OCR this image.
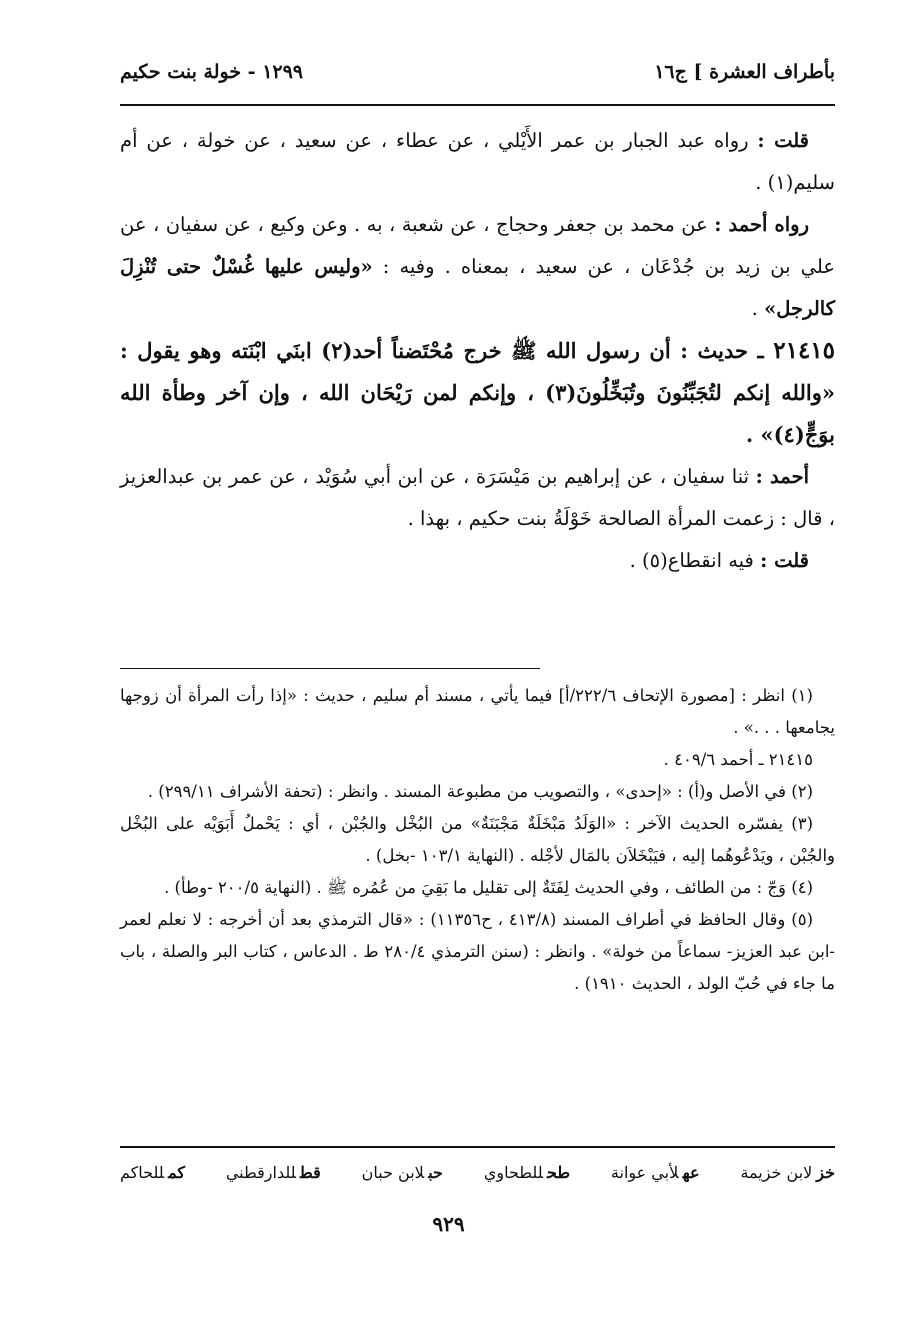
بأطراف العشرة ] ج١٦
١٢٩٩ - خولة بنت حكيم

قلت : رواه عبد الجبار بن عمر الأَيْلي ، عن عطاء ، عن سعيد ، عن خولة ، عن أم سليم(١) .

رواه أحمد : عن محمد بن جعفر وحجاج ، عن شعبة ، به . وعن وكيع ، عن سفيان ، عن علي بن زيد بن جُدْعَان ، عن سعيد ، بمعناه . وفيه : «وليس عليها غُسْلٌ حتى تُنْزِلَ كالرجل» .

٢١٤١٥ ـ حديث : أن رسول الله ﷺ خرج مُحْتَضناً أحد(٢) ابنَي ابْنَته وهو يقول : «والله إنكم لتُجَبِّنُونَ وتُبَخِّلُونَ(٣) ، وإنكم لمن رَيْحَان الله ، وإن آخر وطأة الله بوَجٍّ(٤)» .

أحمد : ثنا سفيان ، عن إبراهيم بن مَيْسَرَة ، عن ابن أبي سُوَيْد ، عن عمر بن عبدالعزيز ، قال : زعمت المرأة الصالحة خَوْلَةُ بنت حكيم ، بهذا .

قلت : فيه انقطاع(٥) .

(١) انظر : [مصورة الإتحاف ٢٢٢/٦/أ] فيما يأتي ، مسند أم سليم ، حديث : «إذا رأت المرأة أن زوجها يجامعها . . .» .

٢١٤١٥ ـ أحمد ٤٠٩/٦ .

(٢) في الأصل و(أ) : «إحدى» ، والتصويب من مطبوعة المسند . وانظر : (تحفة الأشراف ٢٩٩/١١) .

(٣) يفسّره الحديث الآخر : «الوَلَدُ مَبْخَلَةٌ مَجْبَنَةٌ» من البُخْل والجُبْن ، أي : يَحْملُ أَبَوَيْه على البُخْل والجُبْن ، ويَدْعُوهُما إليه ، فيَبْخَلاَن بالمَال لأجْله . (النهاية ١٠٣/١ -بخل) .

(٤) وَجّ : من الطائف ، وفي الحديث لِفَتَةٌ إلى تقليل ما بَقِيَ من عُمُره ﷺ . (النهاية ٢٠٠/٥ -وطأ) .

(٥) وقال الحافظ في أطراف المسند (٤١٣/٨ ، ح١١٣٥٦) : «قال الترمذي بعد أن أخرجه : لا نعلم لعمر -ابن عبد العزيز- سماعاً من خولة» . وانظر : (سنن الترمذي ٢٨٠/٤ ط . الدعاس ، كتاب البر والصلة ، باب ما جاء في حُبّ الولد ، الحديث ١٩١٠) .

خزلابن خزيمة
عهلأبي عوانة
طحللطحاوي
حبلابن حبان
قطللدارقطني
كمللحاكم
٩٢٩
